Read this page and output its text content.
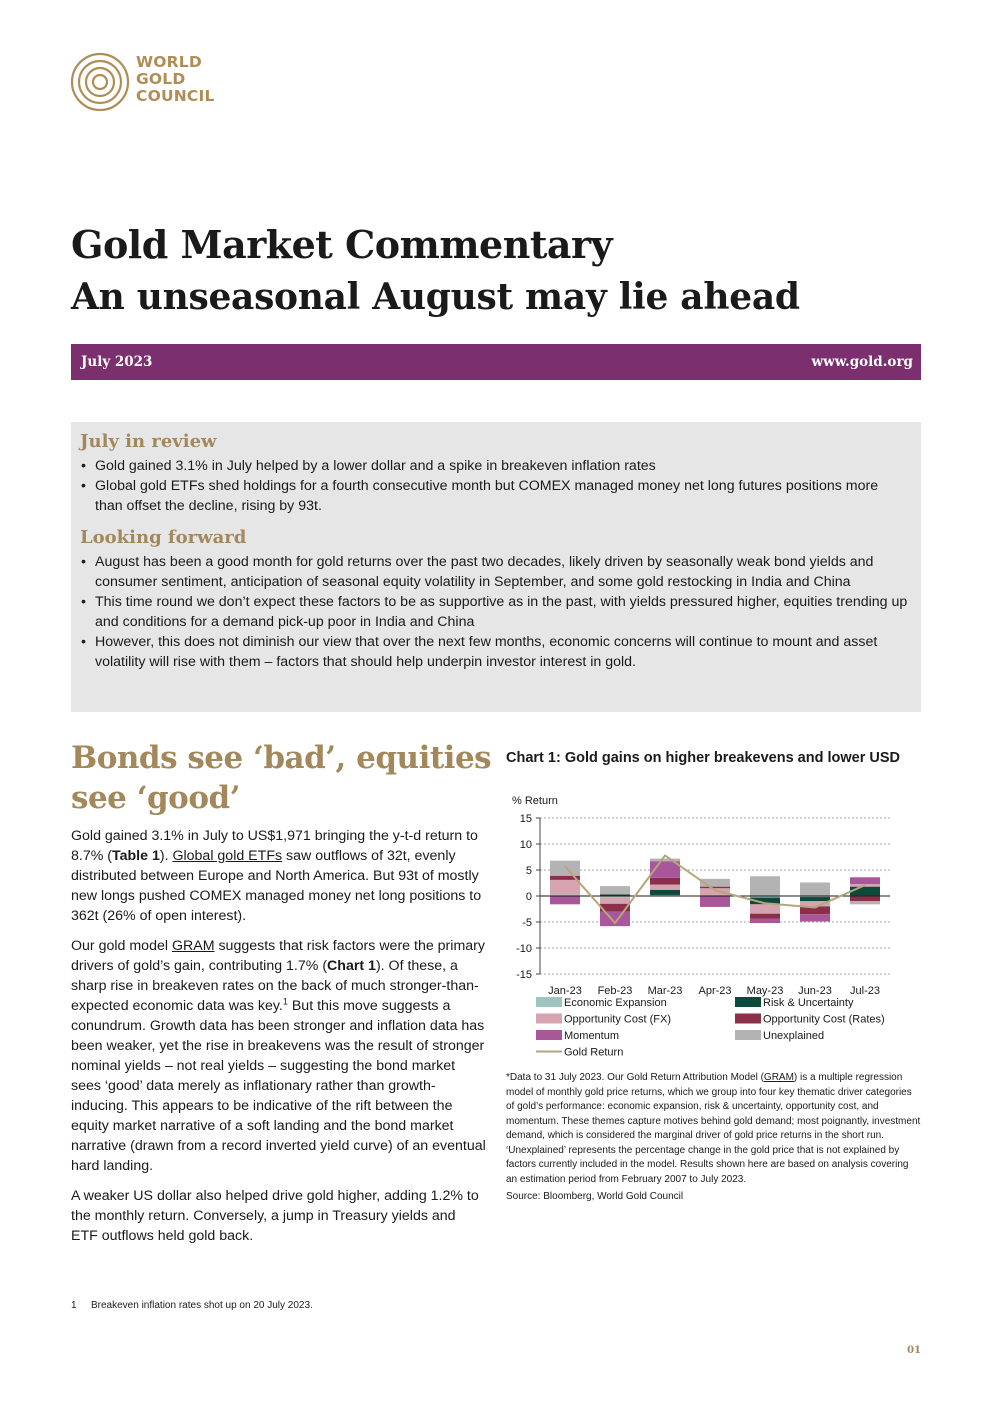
WORLD
GOLD
COUNCIL
Gold Market Commentary
An unseasonal August may lie ahead
July 2023	www.gold.org
July in review
• Gold gained 3.1% in July helped by a lower dollar and a spike in breakeven inflation rates
• Global gold ETFs shed holdings for a fourth consecutive month but COMEX managed money net long futures positions more than offset the decline, rising by 93t.
Looking forward
• August has been a good month for gold returns over the past two decades, likely driven by seasonally weak bond yields and consumer sentiment, anticipation of seasonal equity volatility in September, and some gold restocking in India and China
• This time round we don’t expect these factors to be as supportive as in the past, with yields pressured higher, equities trending up and conditions for a demand pick-up poor in India and China
• However, this does not diminish our view that over the next few months, economic concerns will continue to mount and asset volatility will rise with them – factors that should help underpin investor interest in gold.
Bonds see ‘bad’, equities see ‘good’

Gold gained 3.1% in July to US$1,971 bringing the y-t-d return to 8.7% (Table 1). Global gold ETFs saw outflows of 32t, evenly distributed between Europe and North America. But 93t of mostly new longs pushed COMEX managed money net long positions to 362t (26% of open interest).

Our gold model GRAM suggests that risk factors were the primary drivers of gold’s gain, contributing 1.7% (Chart 1). Of these, a sharp rise in breakeven rates on the back of much stronger-than-expected economic data was key.$^1$ But this move suggests a conundrum. Growth data has been stronger and inflation data has been weaker, yet the rise in breakevens was the result of stronger nominal yields – not real yields – suggesting the bond market sees ‘good’ data merely as inflationary rather than growth-inducing. This appears to be indicative of the rift between the equity market narrative of a soft landing and the bond market narrative (drawn from a record inverted yield curve) of an eventual hard landing.

A weaker US dollar also helped drive gold higher, adding 1.2% to the monthly return. Conversely, a jump in Treasury yields and ETF outflows held gold back.

1 Breakeven inflation rates shot up on 20 July 2023.
01
Chart 1: Gold gains on higher breakevens and lower USD
% Return
15
10
5
0
-5
-10
-15
Jan-23 Feb-23 Mar-23 Apr-23 May-23 Jun-23 Jul-23
Economic Expansion	Risk & Uncertainty
Opportunity Cost (FX)	Opportunity Cost (Rates)
Momentum	Unexplained
Gold Return

*Data to 31 July 2023. Our Gold Return Attribution Model (GRAM) is a multiple regression model of monthly gold price returns, which we group into four key thematic driver categories of gold’s performance: economic expansion, risk & uncertainty, opportunity cost, and momentum. These themes capture motives behind gold demand; most poignantly, investment demand, which is considered the marginal driver of gold price returns in the short run. ‘Unexplained’ represents the percentage change in the gold price that is not explained by factors currently included in the model. Results shown here are based on analysis covering an estimation period from February 2007 to July 2023.

Source: Bloomberg, World Gold Council
